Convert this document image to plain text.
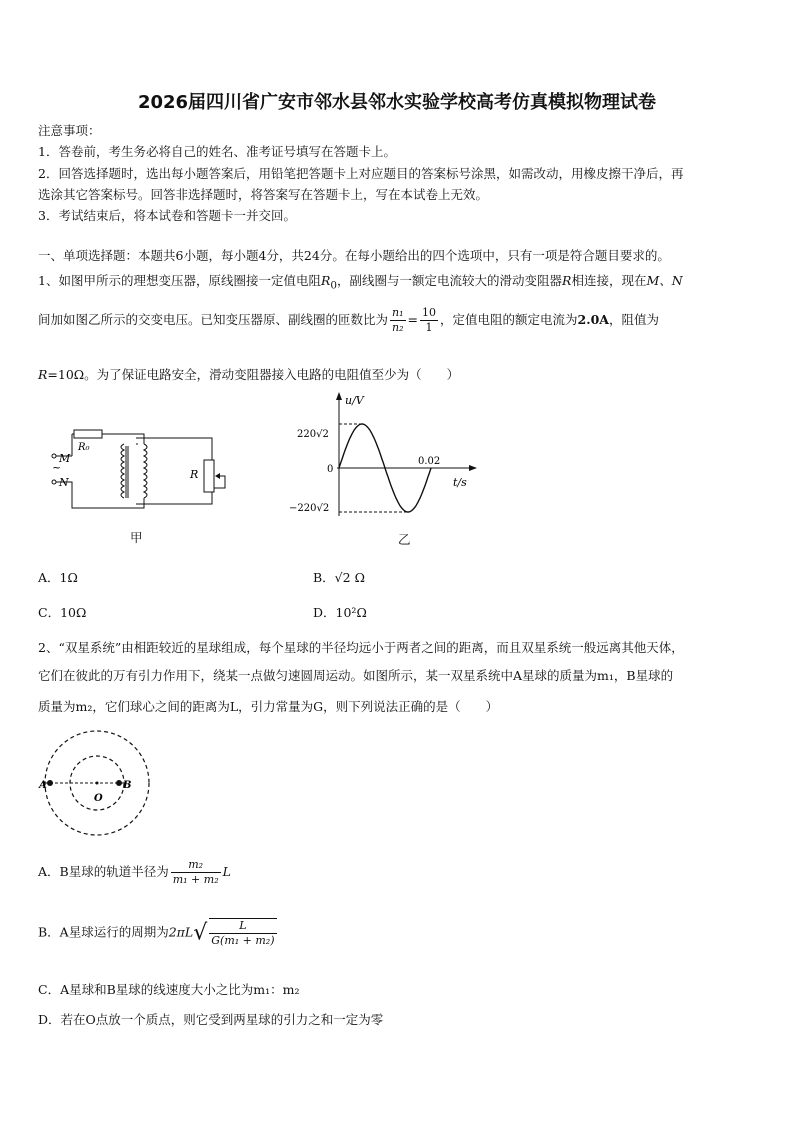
2026届四川省广安市邻水县邻水实验学校高考仿真模拟物理试卷
注意事项：
1．答卷前，考生务必将自己的姓名、准考证号填写在答题卡上。
2．回答选择题时，选出每小题答案后，用铅笔把答题卡上对应题目的答案标号涂黑，如需改动，用橡皮擦干净后，再
选涂其它答案标号。回答非选择题时，将答案写在答题卡上，写在本试卷上无效。
3．考试结束后，将本试卷和答题卡一并交回。
一、单项选择题：本题共6小题，每小题4分，共24分。在每小题给出的四个选项中，只有一项是符合题目要求的。
1、如图甲所示的理想变压器，原线圈接一定值电阻$R_0$，副线圈与一额定电流较大的滑动变阻器R相连接，现在M、N
间加如图乙所示的交变电压。已知变压器原、副线圈的匝数比为 $\frac{\text{n₁}}{\text{n₂}} = \frac{10}{1}$ ，定值电阻的额定电流为2.0A，阻值为
R=10Ω。为了保证电路安全，滑动变阻器接入电路的电阻值至少为（　　）
R₀
M
~
N
R
甲
u/V
t/s
220√2
0
−220√2
0.02
乙
A．1Ω	B．√2 Ω
C．10Ω	D．10²Ω
2、“双星系统”由相距较近的星球组成，每个星球的半径均远小于两者之间的距离，而且双星系统一般远离其他天体，
它们在彼此的万有引力作用下，绕某一点做匀速圆周运动。如图所示，某一双星系统中A星球的质量为m₁，B星球的
质量为m₂，它们球心之间的距离为L，引力常量为G，则下列说法正确的是（　　）
A
O
B
A．B星球的轨道半径为 $\frac{\text{m₂}}{\text{m₁ + m₂}}$ L
B．A星球运行的周期为$2\pi L√ \frac{L}{\text{G(m₁ + m₂)}}$
C．A星球和B星球的线速度大小之比为m₁：m₂
D．若在O点放一个质点，则它受到两星球的引力之和一定为零
